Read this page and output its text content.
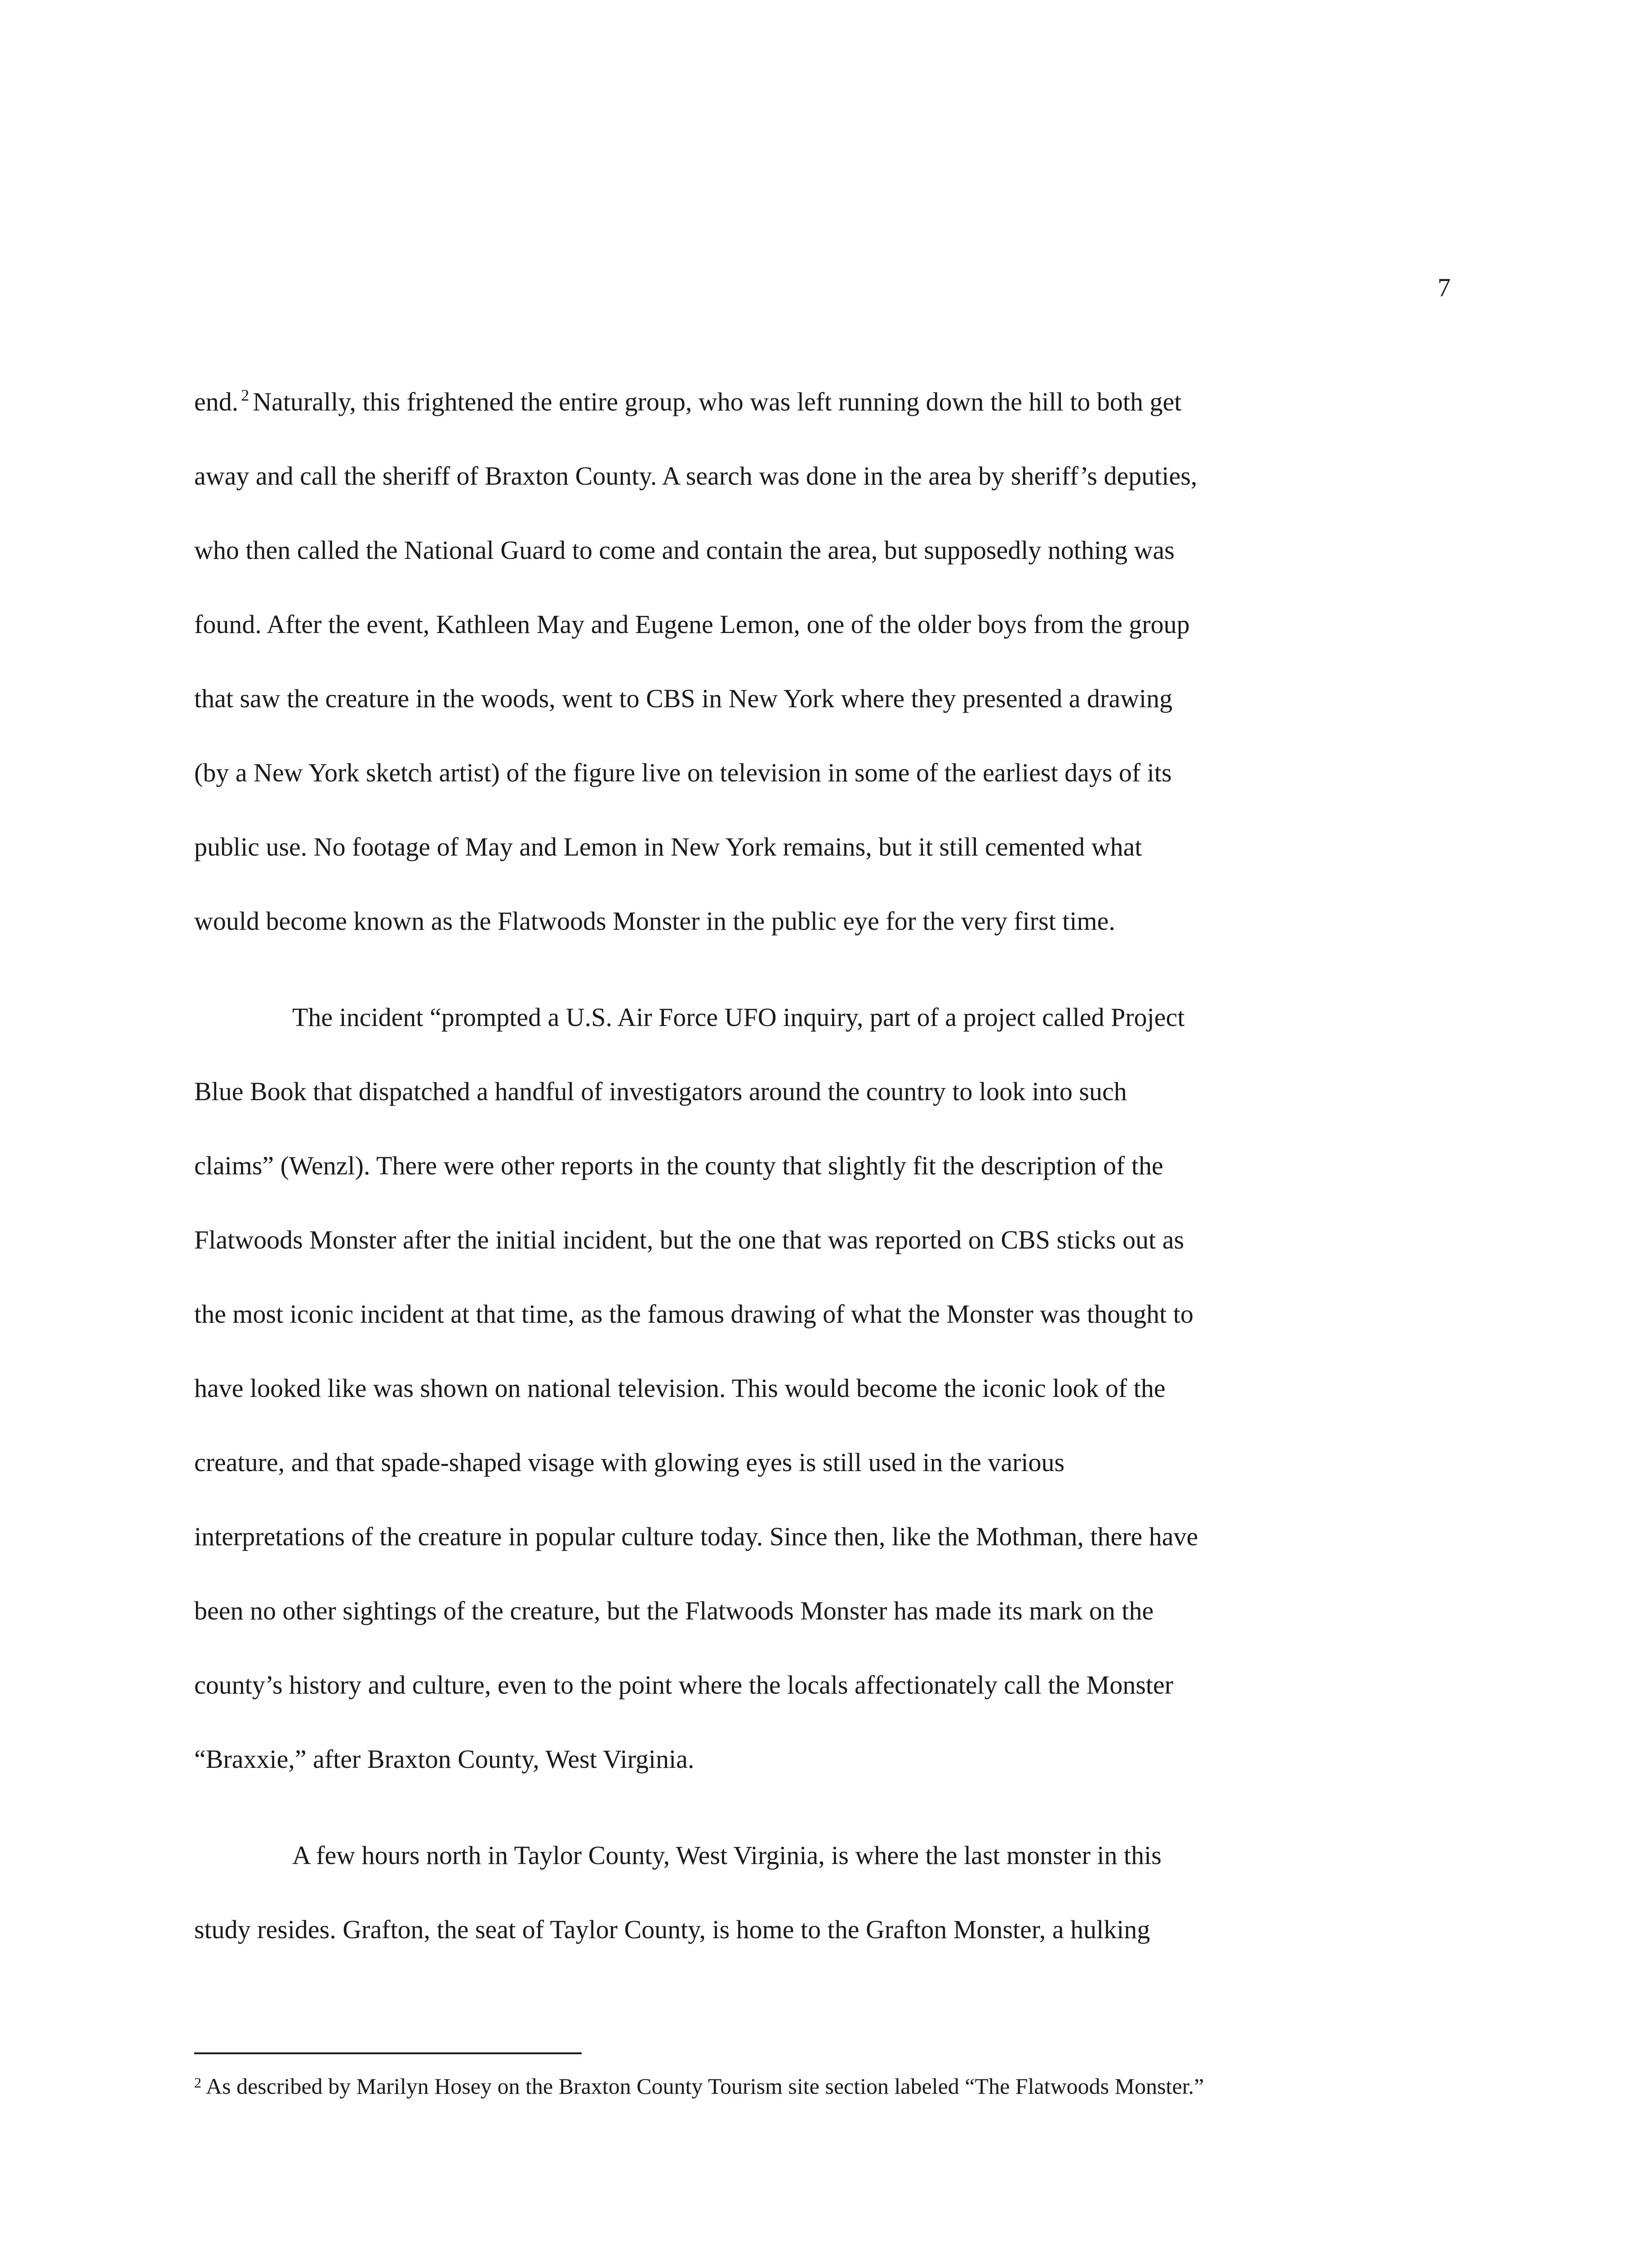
7
end. $^2$ Naturally, this frightened the entire group, who was left running down the hill to both get
away and call the sheriff of Braxton County. A search was done in the area by sheriff’s deputies,
who then called the National Guard to come and contain the area, but supposedly nothing was
found. After the event, Kathleen May and Eugene Lemon, one of the older boys from the group
that saw the creature in the woods, went to CBS in New York where they presented a drawing
(by a New York sketch artist) of the figure live on television in some of the earliest days of its
public use. No footage of May and Lemon in New York remains, but it still cemented what
would become known as the Flatwoods Monster in the public eye for the very first time.
The incident “prompted a U.S. Air Force UFO inquiry, part of a project called Project
Blue Book that dispatched a handful of investigators around the country to look into such
claims” (Wenzl). There were other reports in the county that slightly fit the description of the
Flatwoods Monster after the initial incident, but the one that was reported on CBS sticks out as
the most iconic incident at that time, as the famous drawing of what the Monster was thought to
have looked like was shown on national television. This would become the iconic look of the
creature, and that spade-shaped visage with glowing eyes is still used in the various
interpretations of the creature in popular culture today. Since then, like the Mothman, there have
been no other sightings of the creature, but the Flatwoods Monster has made its mark on the
county’s history and culture, even to the point where the locals affectionately call the Monster
“Braxxie,” after Braxton County, West Virginia.
A few hours north in Taylor County, West Virginia, is where the last monster in this
study resides. Grafton, the seat of Taylor County, is home to the Grafton Monster, a hulking
$^2$ As described by Marilyn Hosey on the Braxton County Tourism site section labeled “The Flatwoods Monster.”
